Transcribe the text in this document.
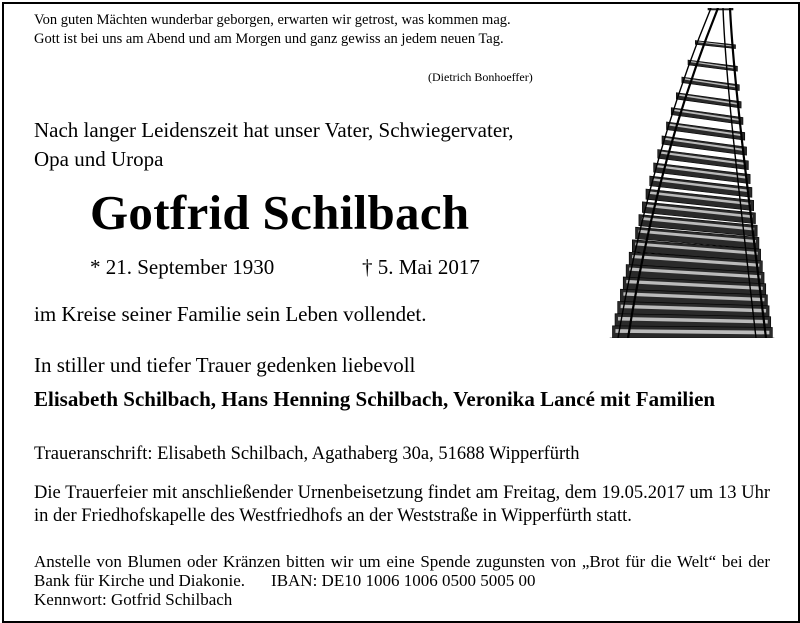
Von guten Mächten wunderbar geborgen, erwarten wir getrost, was kommen mag.
Gott ist bei uns am Abend und am Morgen und ganz gewiss an jedem neuen Tag.
(Dietrich Bonhoeffer)
Nach langer Leidenszeit hat unser Vater, Schwiegervater,
Opa und Uropa
Gotfrid Schilbach
* 21. September 1930	† 5. Mai 2017
im Kreise seiner Familie sein Leben vollendet.
In stiller und tiefer Trauer gedenken liebevoll
Elisabeth Schilbach, Hans Henning Schilbach, Veronika Lancé mit Familien
Traueranschrift: Elisabeth Schilbach, Agathaberg 30a, 51688 Wipperfürth
Die Trauerfeier mit anschließender Urnenbeisetzung findet am Freitag, dem 19.05.2017 um 13 Uhr in der Friedhofskapelle des Westfriedhofs an der Weststraße in Wipperfürth statt.
Anstelle von Blumen oder Kränzen bitten wir um eine Spende zugunsten von „Brot für die Welt“ bei der Bank für Kirche und Diakonie. IBAN: DE10 1006 1006 0500 5005 00
Kennwort: Gotfrid Schilbach
